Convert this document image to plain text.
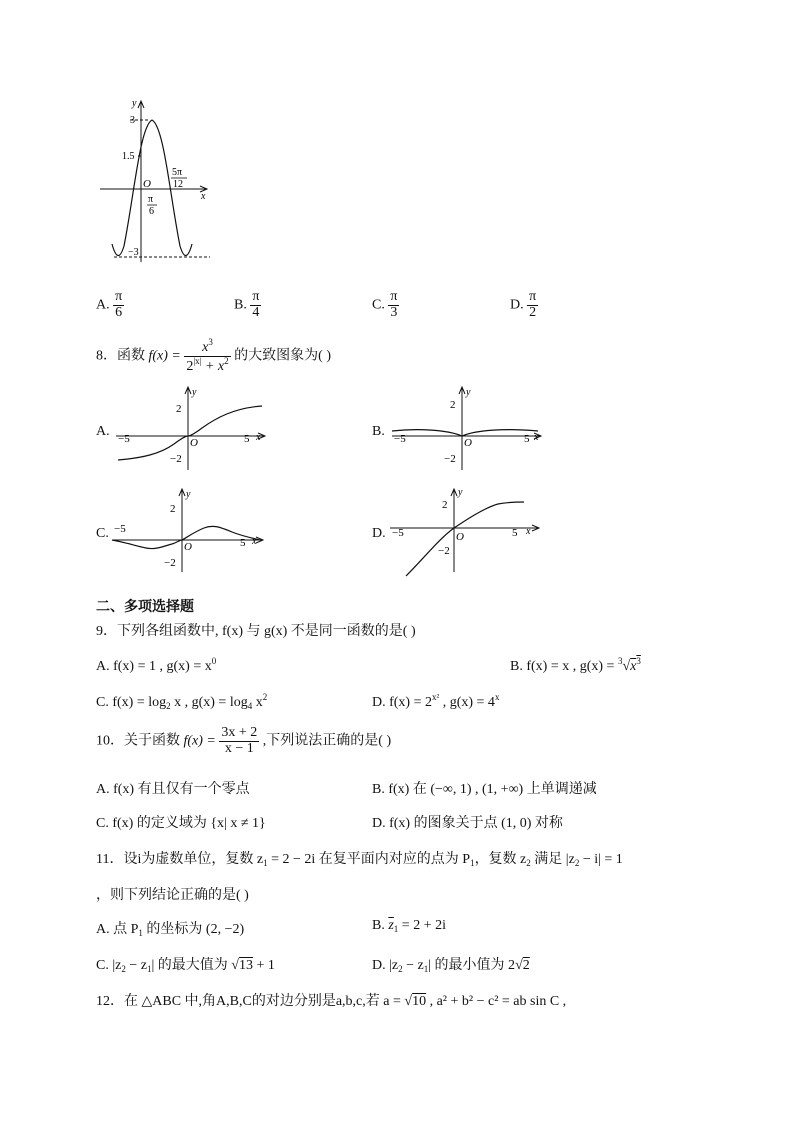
y
3
1.5
O
x
−3
π
6
5π
12
A. $\frac{\pi}{6}$	B. $\frac{\pi}{4}$	C. $\frac{\pi}{3}$	D. $\frac{\pi}{2}$
8．函数 $f(x) = \frac{x^3}{2^{|x|} + x^2}$ 的大致图象为( )
A.
y
2
−5	O	5 x
−2
B.
y
2
−5	O	5 x
−2
C.
y
2
−5
O	5 x
−2
D.
y
2
−5	O	5 x
−2
二、多项选择题
9．下列各组函数中, f(x) 与 g(x) 不是同一函数的是( )
A. f(x) = 1 , $g(x) = x^0$	B. f(x) = x , $g(x) = ^3√x^3$
C. $f(x) = \log_2 x$ , $g(x) = \log_4 x^2$	D. $f(x) = 2^{x^2}$ , $g(x) = 4^x$
10．关于函数 $f(x) = \frac{3x + 2}{x - 1}$ ,下列说法正确的是( )
A. f(x) 有且仅有一个零点	B. f(x) 在 (−∞, 1) , (1, +∞) 上单调递减
C. f(x) 的定义域为 {x| x ≠ 1}	D. f(x) 的图象关于点 (1, 0) 对称
11．设i为虚数单位，复数 $z_1 = 2 - 2i$ 在复平面内对应的点为 $P_1$，复数 $z_2$ 满足 $|z_2 - i| = 1$
，则下列结论正确的是( )
A. 点 $P_1$ 的坐标为 (2, −2)	B. $\overline{z}_1 = 2 + 2i$
C. $|z_2 - z_1|$ 的最大值为 √13 + 1	D. $|z_2 - z_1|$ 的最小值为 2√2
12．在 △ABC 中,角A,B,C的对边分别是a,b,c,若 a = √10 , a² + b² − c² = ab sin C ,
